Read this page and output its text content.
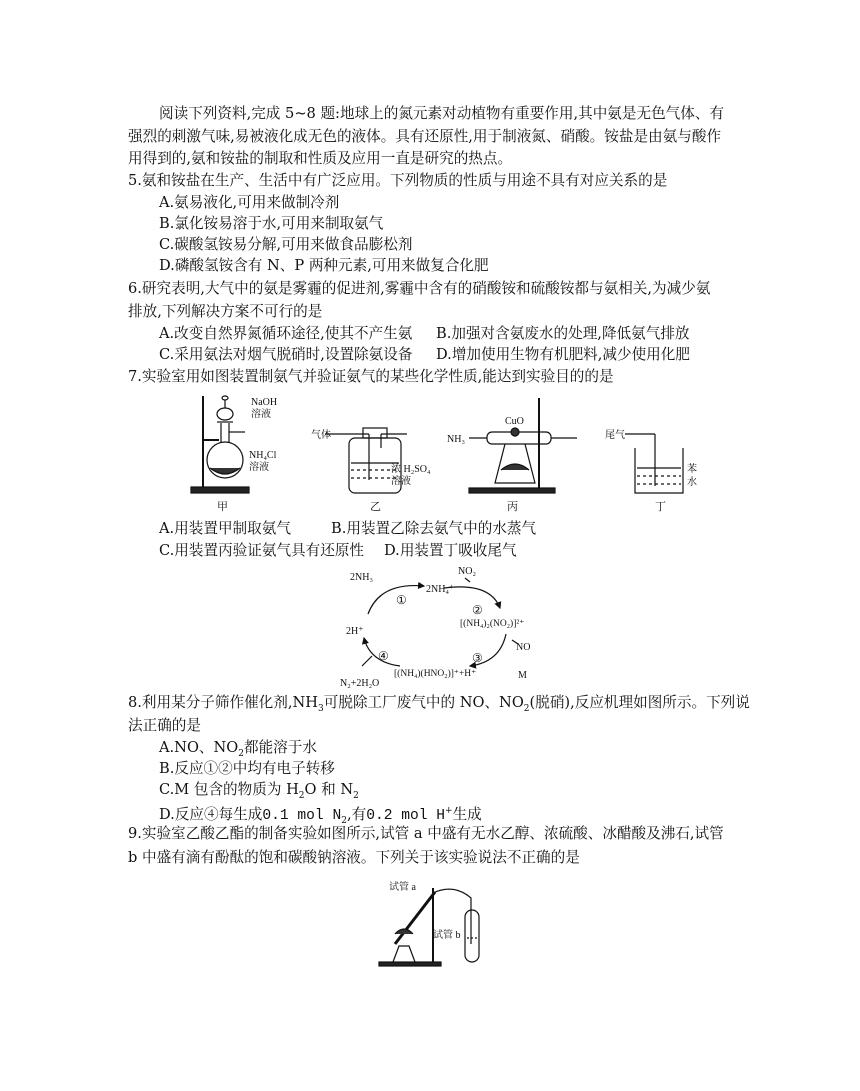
阅读下列资料,完成 5~8 题:地球上的氮元素对动植物有重要作用,其中氨是无色气体、有
强烈的刺激气味,易被液化成无色的液体。具有还原性,用于制液氮、硝酸。铵盐是由氨与酸作
用得到的,氨和铵盐的制取和性质及应用一直是研究的热点。
5.氨和铵盐在生产、生活中有广泛应用。下列物质的性质与用途不具有对应关系的是
A.氨易液化,可用来做制冷剂
B.氯化铵易溶于水,可用来制取氨气
C.碳酸氢铵易分解,可用来做食品膨松剂
D.磷酸氢铵含有 N、P 两种元素,可用来做复合化肥
6.研究表明,大气中的氨是雾霾的促进剂,雾霾中含有的硝酸铵和硫酸铵都与氨相关,为减少氨
排放,下列解决方案不可行的是
A.改变自然界氮循环途径,使其不产生氨 B.加强对含氨废水的处理,降低氨气排放
C.采用氨法对烟气脱硝时,设置除氨设备 D.增加使用生物有机肥料,减少使用化肥
7.实验室用如图装置制氨气并验证氨气的某些化学性质,能达到实验目的的是
NaOH
溶液
NH₄Cl
溶液
甲
气体
浓 H₂SO₄
溶液
乙
CuO
NH₃
丙
尾气
苯
水
丁
A.用装置甲制取氨气	B.用装置乙除去氨气中的水蒸气
C.用装置丙验证氨气具有还原性 D.用装置丁吸收尾气
2NH₃
2NH₄⁺
NO₂
[(NH₄)₂(NO₂)]²⁺
NO
M
[(NH₄)(HNO₂)]⁺+H⁺
N₂+2H₂O
2H⁺
①
②
③
④
8.利用某分子筛作催化剂$,NH_3$可脱除工厂废气中的 NO、$NO_2$(脱硝),反应机理如图所示。下列说
法正确的是
A.NO、$NO_2$都能溶于水
B.反应①②中均有电子转移
C.M 包含的物质为 $H_2O$ 和 $N_2$
D.反应④每生成0.1 mol $N_2$,有0.2 mol H+生成
9.实验室乙酸乙酯的制备实验如图所示,试管 a 中盛有无水乙醇、浓硫酸、冰醋酸及沸石,试管
b 中盛有滴有酚酞的饱和碳酸钠溶液。下列关于该实验说法不正确的是
试管 a
试管 b
